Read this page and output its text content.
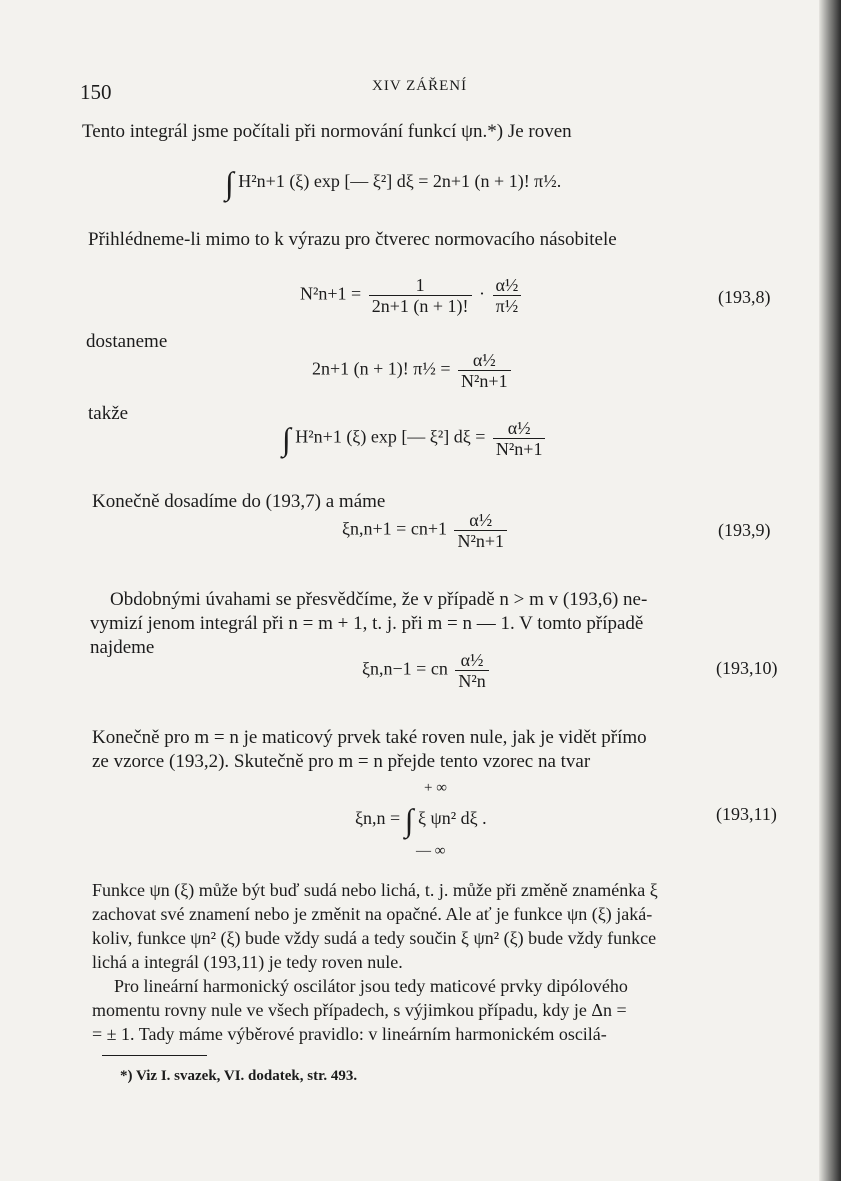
150	XIV ZÁŘENÍ
Tento integrál jsme počítali při normování funkcí ψn.*) Je roven
∫ H²n+1 (ξ) exp [— ξ²] dξ = 2n+1 (n + 1)! π½.
Přihlédneme-li mimo to k výrazu pro čtverec normovacího násobitele
$N^2n+1 = \frac{1}{2n+1 (n + 1)!} \cdot \frac{\text{α½}}{\text{π½}}$	(193,8)
dostaneme
2n+1 (n + 1)! π½ = $\frac{\text{α½}}{\text{N²n+1}}$
takže
∫ H²n+1 (ξ) exp [— ξ²] $d\xi = \frac{\text{α½}}{\text{N²n+1}}$
Konečně dosadíme do (193,7) a máme
$\xi n,n+1 = cn+1 \frac{\text{α½}}{\text{N²n+1}}$	(193,9)
Obdobnými úvahami se přesvědčíme, že v případě n > m v (193,6) ne-
vymizí jenom integrál při n = m + 1, t. j. při m = n — 1. V tomto případě
najdeme
ξn,n−1 = cn $\frac{\text{α½}}{\text{N²n}}$	(193,10)
Konečně pro m = n je maticový prvek také roven nule, jak je vidět přímo
ze vzorce (193,2). Skutečně pro m = n přejde tento vzorec na tvar
+ ∞
ξn,n = ∫ ξ ψn² dξ .
— ∞
(193,11)
Funkce ψn (ξ) může být buď sudá nebo lichá, t. j. může při změně znaménka ξ
zachovat své znamení nebo je změnit na opačné. Ale ať je funkce ψn (ξ) jaká-
koliv, funkce ψn² (ξ) bude vždy sudá a tedy součin ξ ψn² (ξ) bude vždy funkce
lichá a integrál (193,11) je tedy roven nule.
Pro lineární harmonický oscilátor jsou tedy maticové prvky dipólového
momentu rovny nule ve všech případech, s výjimkou případu, kdy je Δn =
= ± 1. Tady máme výběrové pravidlo: v lineárním harmonickém oscilá-
*) Viz I. svazek, VI. dodatek, str. 493.
